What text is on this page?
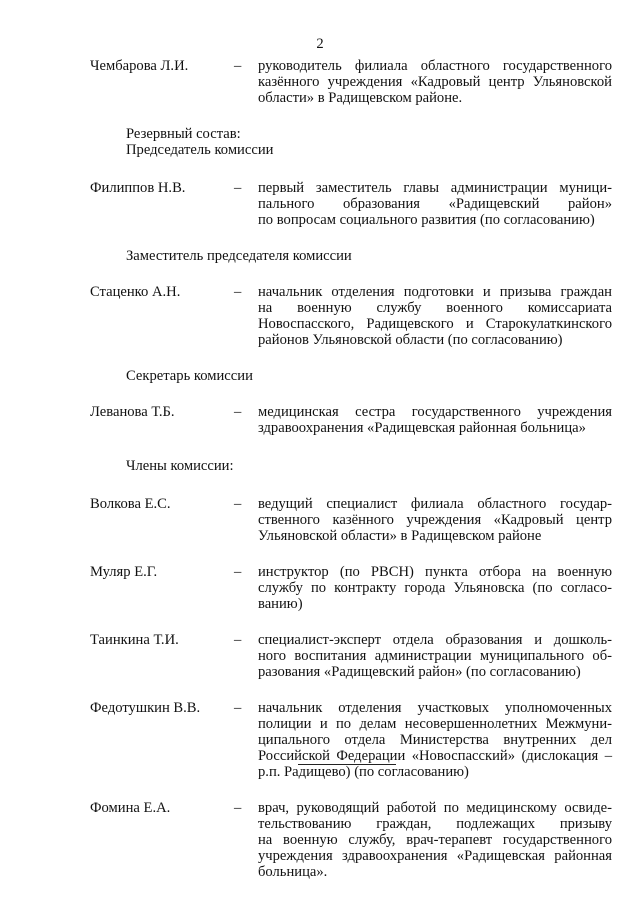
2
Чембарова Л.И.	–	руководитель филиала областного государственного
казённого учреждения «Кадровый центр Ульяновской
области» в Радищевском районе.
Резервный состав:
Председатель комиссии
Филиппов Н.В.	–	первый заместитель главы администрации муници-
пального образования «Радищевский район»
по вопросам социального развития (по согласованию)
Заместитель председателя комиссии
Стаценко А.Н.	–	начальник отделения подготовки и призыва граждан
на военную службу военного комиссариата
Новоспасского, Радищевского и Старокулаткинского
районов Ульяновской области (по согласованию)
Секретарь комиссии
Леванова Т.Б.	–	медицинская сестра государственного учреждения
здравоохранения «Радищевская районная больница»
Члены комиссии:
Волкова Е.С.	–	ведущий специалист филиала областного государ-
ственного казённого учреждения «Кадровый центр
Ульяновской области» в Радищевском районе
Муляр Е.Г.	–	инструктор (по РВСН) пункта отбора на военную
службу по контракту города Ульяновска (по согласо-
ванию)
Таинкина Т.И.	–	специалист-эксперт отдела образования и дошколь-
ного воспитания администрации муниципального об-
разования «Радищевский район» (по согласованию)
Федотушкин В.В.	–	начальник отделения участковых уполномоченных
полиции и по делам несовершеннолетних Межмуни-
ципального отдела Министерства внутренних дел
Российской Федерации «Новоспасский» (дислокация –
р.п. Радищево) (по согласованию)
Фомина Е.А.	–	врач, руководящий работой по медицинскому освиде-
тельствованию граждан, подлежащих призыву
на военную службу, врач-терапевт государственного
учреждения здравоохранения «Радищевская районная
больница».
